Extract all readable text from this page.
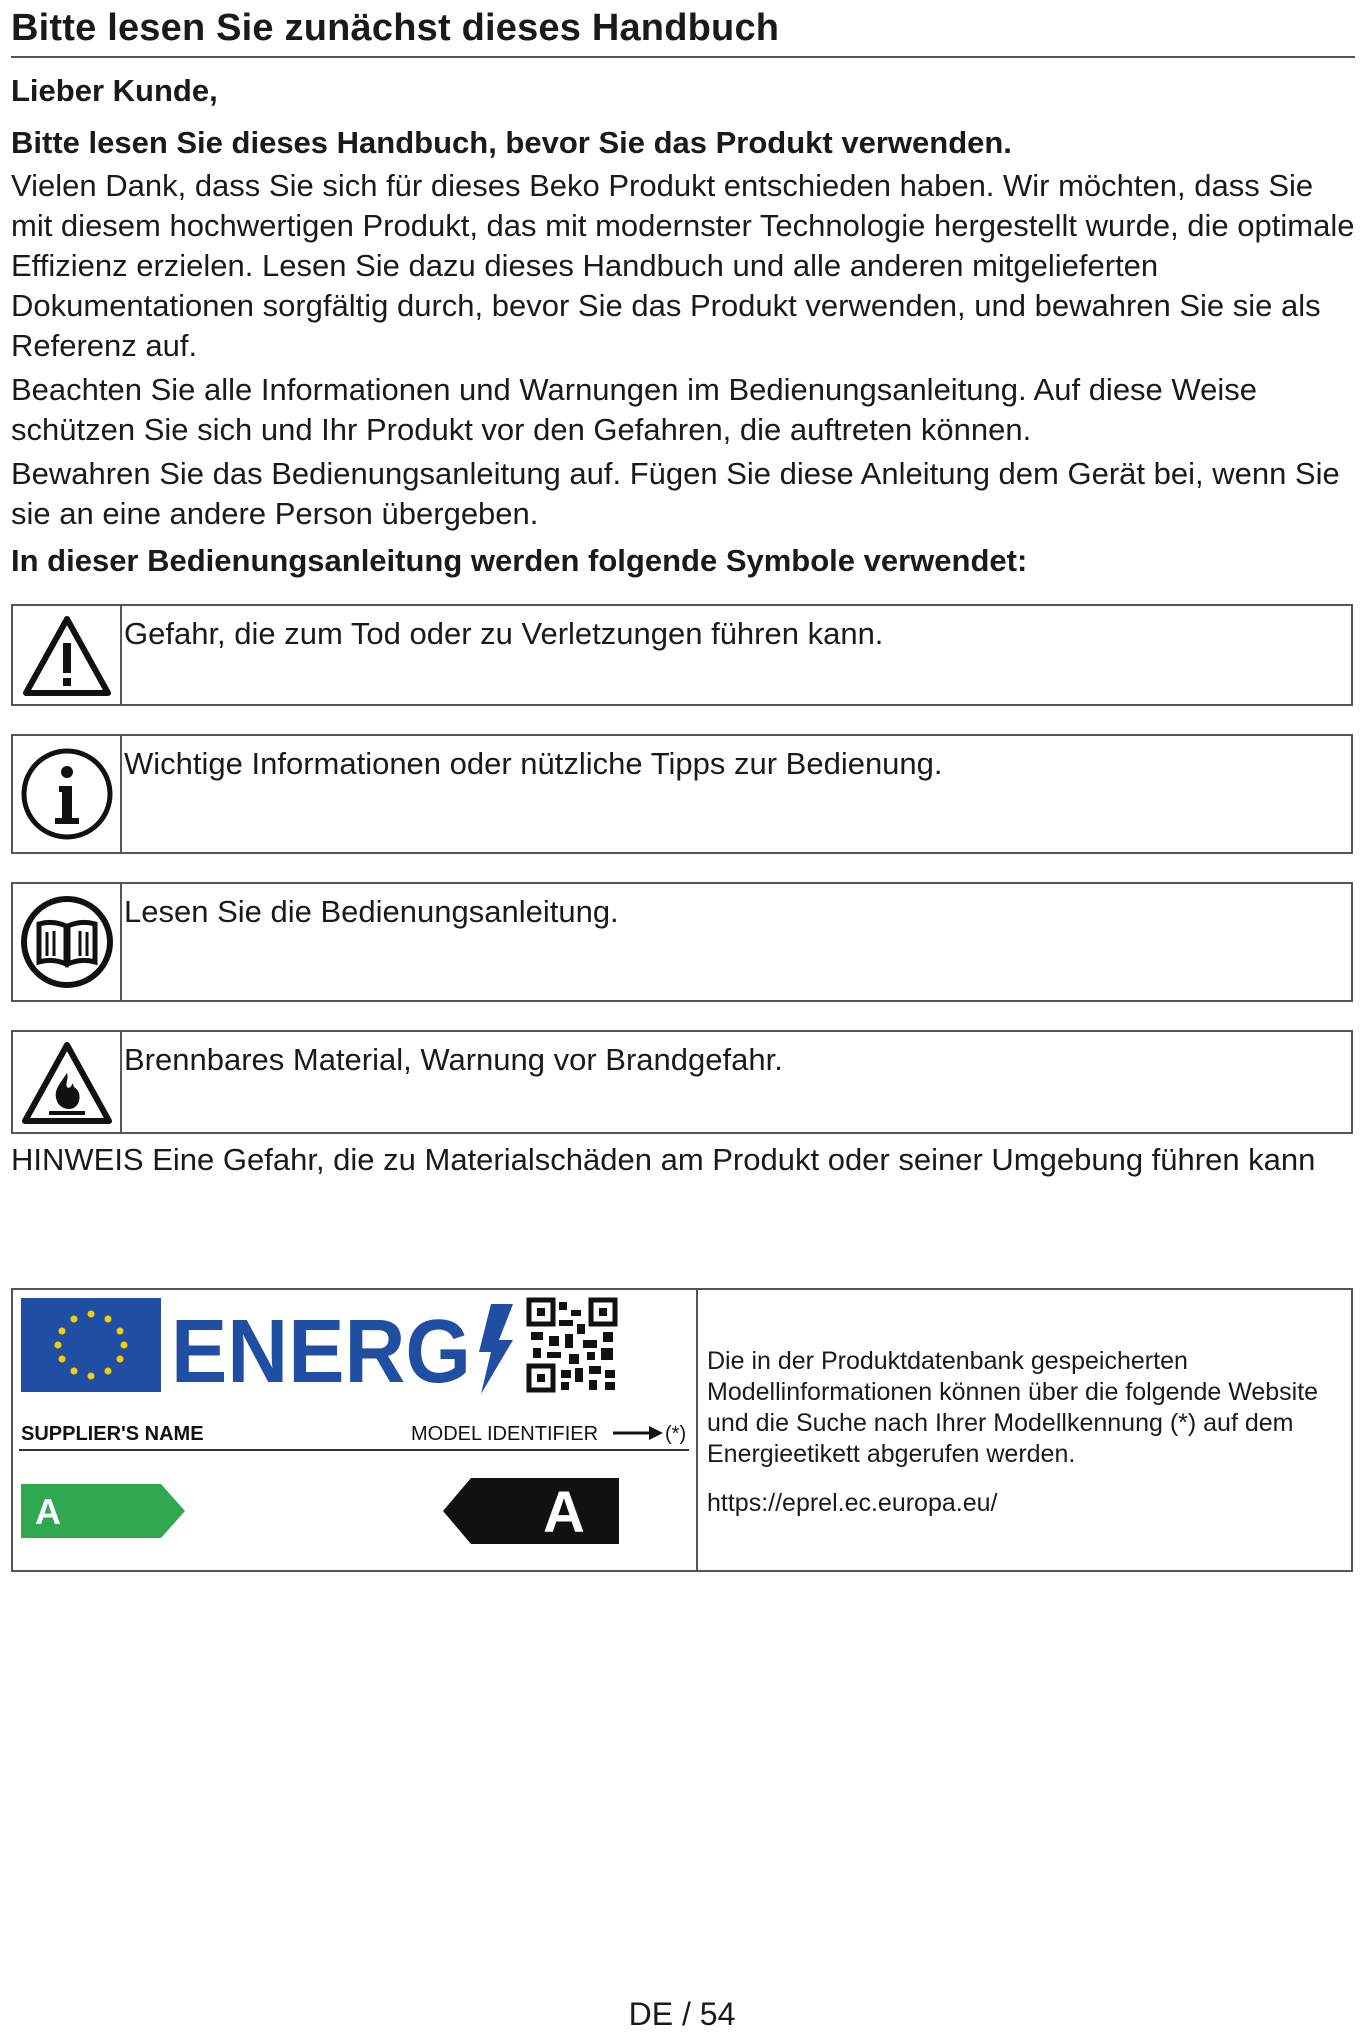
Bitte lesen Sie zunächst dieses Handbuch
Lieber Kunde,
Bitte lesen Sie dieses Handbuch, bevor Sie das Produkt verwenden.

Vielen Dank, dass Sie sich für dieses Beko Produkt entschieden haben. Wir möchten, dass Sie mit diesem hochwertigen Produkt, das mit modernster Technologie hergestellt wurde, die optimale Effizienz erzielen. Lesen Sie dazu dieses Handbuch und alle anderen mitgelieferten Dokumentationen sorgfältig durch, bevor Sie das Produkt verwenden, und bewahren Sie sie als Referenz auf.

Beachten Sie alle Informationen und Warnungen im Bedienungsanleitung. Auf diese Weise schützen Sie sich und Ihr Produkt vor den Gefahren, die auftreten können.

Bewahren Sie das Bedienungsanleitung auf. Fügen Sie diese Anleitung dem Gerät bei, wenn Sie sie an eine andere Person übergeben.

In dieser Bedienungsanleitung werden folgende Symbole verwendet:
Gefahr, die zum Tod oder zu Verletzungen führen kann.
Wichtige Informationen oder nützliche Tipps zur Bedienung.
Lesen Sie die Bedienungsanleitung.
Brennbares Material, Warnung vor Brandgefahr.
HINWEIS Eine Gefahr, die zu Materialschäden am Produkt oder seiner Umgebung führen kann
ENERG
SUPPLIER'S NAME	MODEL IDENTIFIER	(*)
A	A
Die in der Produktdatenbank gespeicherten Modellinformationen können über die folgende Website und die Suche nach Ihrer Modellkennung (*) auf dem Energieetikett abgerufen werden.
https://eprel.ec.europa.eu/
DE / 54
